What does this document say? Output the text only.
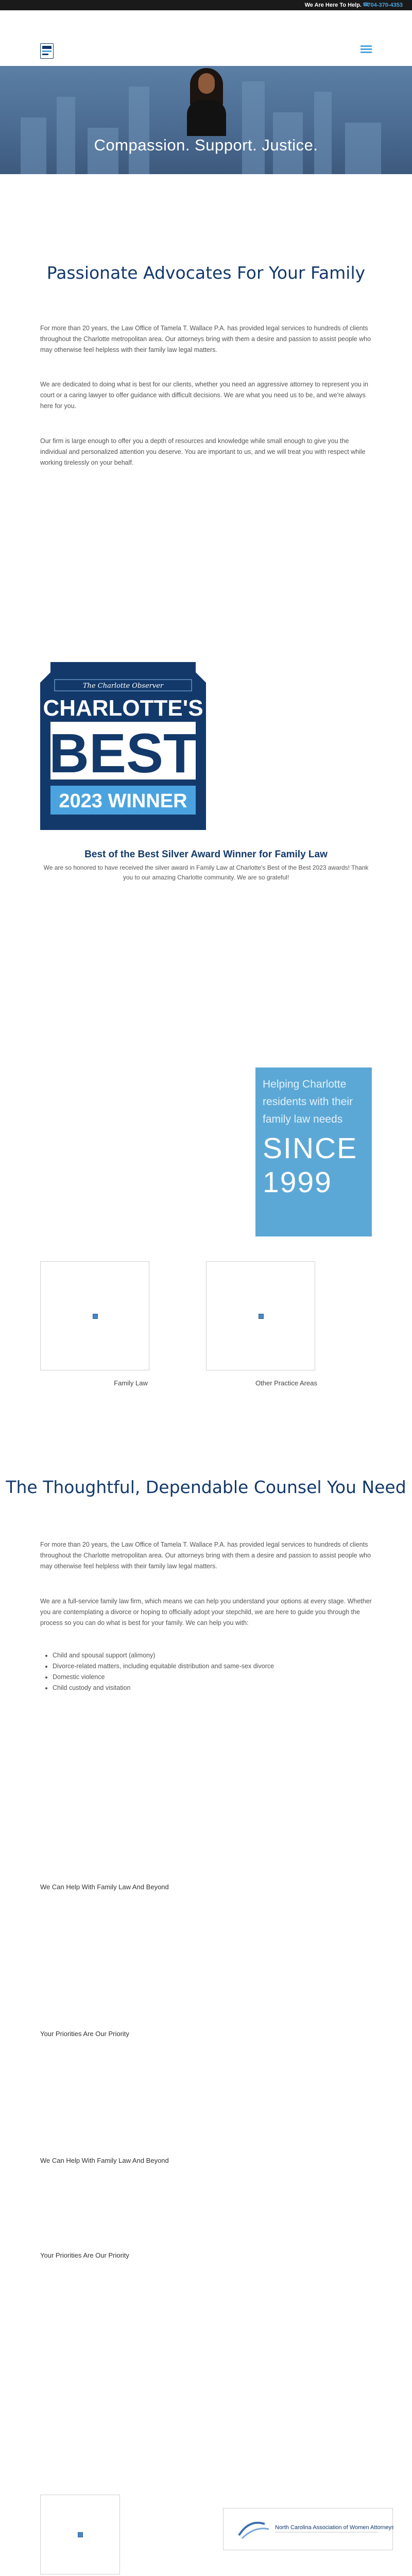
We Are Here To Help. ☎
704-370-4353
Compassion. Support. Justice.
Passionate Advocates For Your Family

For more than 20 years, the Law Office of Tamela T. Wallace P.A. has provided legal services to hundreds of clients throughout the Charlotte metropolitan area. Our attorneys bring with them a desire and passion to assist people who may otherwise feel helpless with their family law legal matters.

We are dedicated to doing what is best for our clients, whether you need an aggressive attorney to represent you in court or a caring lawyer to offer guidance with difficult decisions. We are what you need us to be, and we're always here for you.

Our firm is large enough to offer you a depth of resources and knowledge while small enough to give you the individual and personalized attention you deserve. You are important to us, and we will treat you with respect while working tirelessly on your behalf.

The Charlotte Observer
CHARLOTTE'S
BEST
2023 WINNER
Best of the Best Silver Award Winner for Family Law
We are so honored to have received the silver award in Family Law at Charlotte's Best of the Best 2023 awards! Thank you to our amazing Charlotte community. We are so grateful!
Helping Charlotte residents with their family law needs
SINCE 1999
Family Law	Other Practice Areas
The Thoughtful, Dependable Counsel You Need

For more than 20 years, the Law Office of Tamela T. Wallace P.A. has provided legal services to hundreds of clients throughout the Charlotte metropolitan area. Our attorneys bring with them a desire and passion to assist people who may otherwise feel helpless with their family law legal matters.

We are a full-service family law firm, which means we can help you understand your options at every stage. Whether you are contemplating a divorce or hoping to officially adopt your stepchild, we are here to guide you through the process so you can do what is best for your family. We can help you with:

• Child and spousal support (alimony)
• Divorce-related matters, including equitable distribution and same-sex divorce
• Domestic violence
• Child custody and visitation
We Can Help With Family Law And Beyond
Your Priorities Are Our Priority
We Can Help With Family Law And Beyond
Your Priorities Are Our Priority
North Carolina Association of Women Attorneys
